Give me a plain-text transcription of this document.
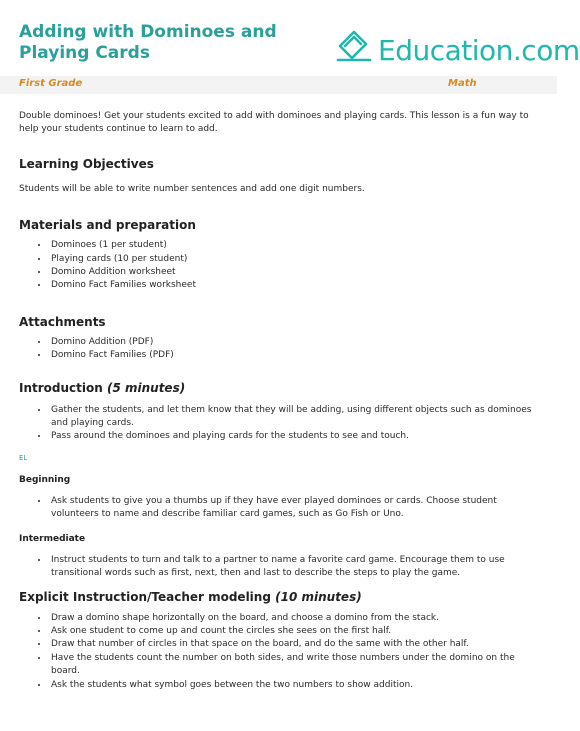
Adding with Dominoes and Playing Cards	Education.com
First Grade	Math

Double dominoes! Get your students excited to add with dominoes and playing cards. This lesson is a fun way to help your students continue to learn to add.

Learning Objectives

Students will be able to write number sentences and add one digit numbers.

Materials and preparation
• Dominoes (1 per student)
• Playing cards (10 per student)
• Domino Addition worksheet
• Domino Fact Families worksheet
Attachments
• Domino Addition (PDF)
• Domino Fact Families (PDF)
Introduction (5 minutes)
• Gather the students, and let them know that they will be adding, using different objects such as dominoes and playing cards.
• Pass around the dominoes and playing cards for the students to see and touch.

EL

Beginning
• Ask students to give you a thumbs up if they have ever played dominoes or cards. Choose student volunteers to name and describe familiar card games, such as Go Fish or Uno.
Intermediate
• Instruct students to turn and talk to a partner to name a favorite card game. Encourage them to use transitional words such as first, next, then and last to describe the steps to play the game.
Explicit Instruction/Teacher modeling (10 minutes)
• Draw a domino shape horizontally on the board, and choose a domino from the stack.
• Ask one student to come up and count the circles she sees on the first half.
• Draw that number of circles in that space on the board, and do the same with the other half.
• Have the students count the number on both sides, and write those numbers under the domino on the board.
• Ask the students what symbol goes between the two numbers to show addition.
